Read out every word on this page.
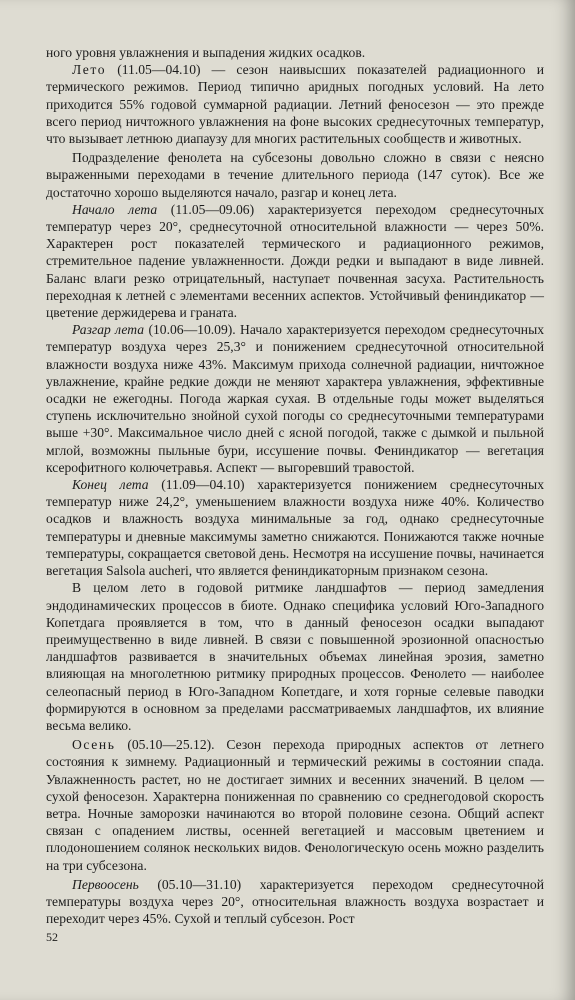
ного уровня увлажнения и выпадения жидких осадков.

Лето (11.05—04.10) — сезон наивысших показателей радиационного и термического режимов. Период типично аридных погодных условий. На лето приходится 55% годовой суммарной радиации. Летний феносезон — это прежде всего период ничтожного увлажнения на фоне высоких среднесуточных температур, что вызывает летнюю диапаузу для многих растительных сообществ и животных.

Подразделение фенолета на субсезоны довольно сложно в связи с неясно выраженными переходами в течение длительного периода (147 суток). Все же достаточно хорошо выделяются начало, разгар и конец лета.

Начало лета (11.05—09.06) характеризуется переходом среднесуточных температур через 20°, среднесуточной относительной влажности — через 50%. Характерен рост показателей термического и радиационного режимов, стремительное падение увлажненности. Дожди редки и выпадают в виде ливней. Баланс влаги резко отрицательный, наступает почвенная засуха. Растительность переходная к летней с элементами весенних аспектов. Устойчивый фениндикатор — цветение держидерева и граната.

Разгар лета (10.06—10.09). Начало характеризуется переходом среднесуточных температур воздуха через 25,3° и понижением среднесуточной относительной влажности воздуха ниже 43%. Максимум прихода солнечной радиации, ничтожное увлажнение, крайне редкие дожди не меняют характера увлажнения, эффективные осадки не ежегодны. Погода жаркая сухая. В отдельные годы может выделяться ступень исключительно знойной сухой погоды со среднесуточными температурами выше +30°. Максимальное число дней с ясной погодой, также с дымкой и пыльной мглой, возможны пыльные бури, иссушение почвы. Фениндикатор — вегетация ксерофитного колючетравья. Аспект — выгоревший травостой.

Конец лета (11.09—04.10) характеризуется понижением среднесуточных температур ниже 24,2°, уменьшением влажности воздуха ниже 40%. Количество осадков и влажность воздуха минимальные за год, однако среднесуточные температуры и дневные максимумы заметно снижаются. Понижаются также ночные температуры, сокращается световой день. Несмотря на иссушение почвы, начинается вегетация Salsola aucheri, что является фениндикаторным признаком сезона.

В целом лето в годовой ритмике ландшафтов — период замедления эндодинамических процессов в биоте. Однако специфика условий Юго-Западного Копетдага проявляется в том, что в данный феносезон осадки выпадают преимущественно в виде ливней. В связи с повышенной эрозионной опасностью ландшафтов развивается в значительных объемах линейная эрозия, заметно влияющая на многолетнюю ритмику природных процессов. Фенолето — наиболее селеопасный период в Юго-Западном Копетдаге, и хотя горные селевые паводки формируются в основном за пределами рассматриваемых ландшафтов, их влияние весьма велико.

Осень (05.10—25.12). Сезон перехода природных аспектов от летнего состояния к зимнему. Радиационный и термический режимы в состоянии спада. Увлажненность растет, но не достигает зимних и весенних значений. В целом — сухой феносезон. Характерна пониженная по сравнению со среднегодовой скорость ветра. Ночные заморозки начинаются во второй половине сезона. Общий аспект связан с опадением листвы, осенней вегетацией и массовым цветением и плодоношением солянок нескольких видов. Фенологическую осень можно разделить на три субсезона.

Первоосень (05.10—31.10) характеризуется переходом среднесуточной температуры воздуха через 20°, относительная влажность воздуха возрастает и переходит через 45%. Сухой и теплый субсезон. Рост

52
